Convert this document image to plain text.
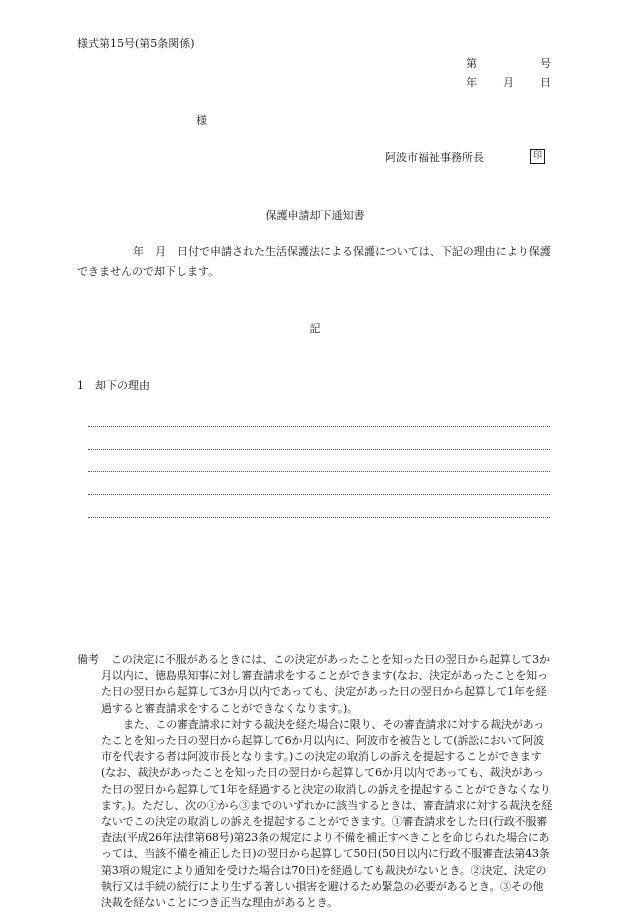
様式第15号(第5条関係)
第	号
年 月 日
様
阿波市福祉事務所長	印
保護申請却下通知書
年　月　日付で申請された生活保護法による保護については、下記の理由により保護できませんので却下します。
記
1　却下の理由
備考	この決定に不服があるときには、この決定があったことを知った日の翌日から起算して3か月以内に、徳島県知事に対し審査請求をすることができます(なお、決定があったことを知った日の翌日から起算して3か月以内であっても、決定があった日の翌日から起算して1年を経過すると審査請求をすることができなくなります。)。

また、この審査請求に対する裁決を経た場合に限り、その審査請求に対する裁決があったことを知った日の翌日から起算して6か月以内に、阿波市を被告として(訴訟において阿波市を代表する者は阿波市長となります。)この決定の取消しの訴えを提起することができます(なお、裁決があったことを知った日の翌日から起算して6か月以内であっても、裁決があった日の翌日から起算して1年を経過すると決定の取消しの訴えを提起することができなくなります。)。ただし、次の①から③までのいずれかに該当するときは、審査請求に対する裁決を経ないでこの決定の取消しの訴えを提起することができます。①審査請求をした日(行政不服審査法(平成26年法律第68号)第23条の規定により不備を補正すべきことを命じられた場合にあっては、当該不備を補正した日)の翌日から起算して50日(50日以内に行政不服審査法第43条第3項の規定により通知を受けた場合は70日)を経過しても裁決がないとき。②決定、決定の執行又は手続の続行により生ずる著しい損害を避けるため緊急の必要があるとき。③その他決裁を経ないことにつき正当な理由があるとき。
